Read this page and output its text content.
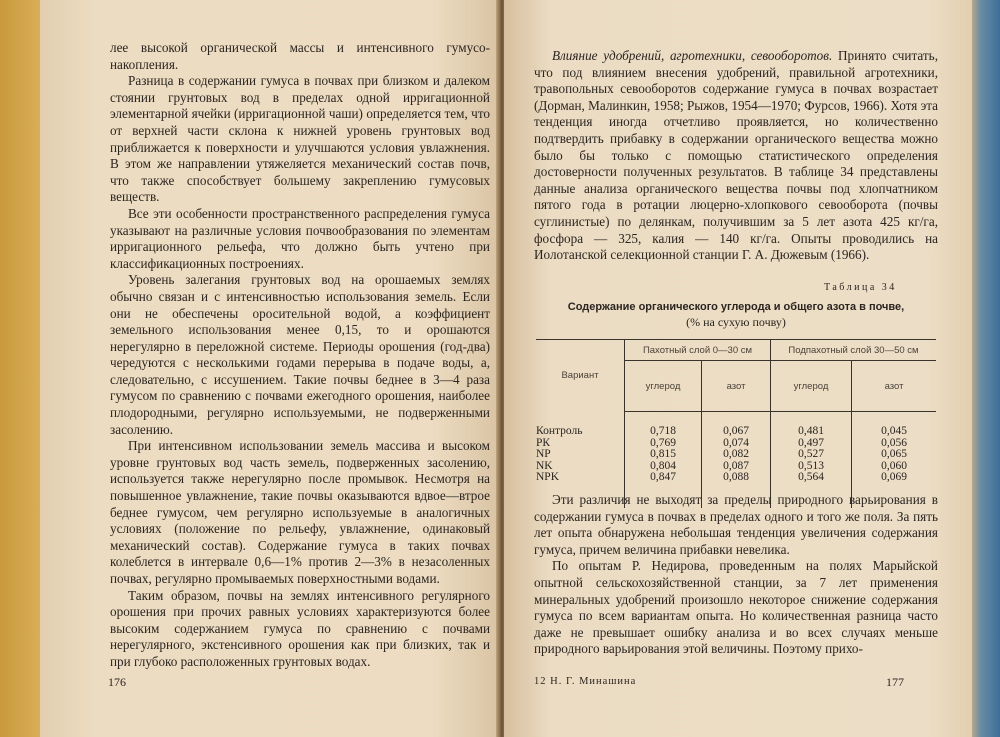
лее высокой органической массы и интенсивного гумусо-накопления.

Разница в содержании гумуса в почвах при близком и далеком стоянии грунтовых вод в пределах одной ирригационной элементарной ячейки (ирригационной чаши) определяется тем, что от верхней части склона к нижней уровень грунтовых вод приближается к поверхности и улучшаются условия увлажнения. В этом же направлении утяжеляется механический состав почв, что также способствует большему закреплению гумусовых веществ.

Все эти особенности пространственного распределения гумуса указывают на различные условия почвообразования по элементам ирригационного рельефа, что должно быть учтено при классификационных построениях.

Уровень залегания грунтовых вод на орошаемых землях обычно связан и с интенсивностью использования земель. Если они не обеспечены оросительной водой, а коэффициент земельного использования менее 0,15, то и орошаются нерегулярно в переложной системе. Периоды орошения (год-два) чередуются с несколькими годами перерыва в подаче воды, а, следовательно, с иссушением. Такие почвы беднее в 3—4 раза гумусом по сравнению с почвами ежегодного орошения, наиболее плодородными, регулярно используемыми, не подверженными засолению.

При интенсивном использовании земель массива и высоком уровне грунтовых вод часть земель, подверженных засолению, используется также нерегулярно после промывок. Несмотря на повышенное увлажнение, такие почвы оказываются вдвое—втрое беднее гумусом, чем регулярно используемые в аналогичных условиях (положение по рельефу, увлажнение, одинаковый механический состав). Содержание гумуса в таких почвах колеблется в интервале 0,6—1% против 2—3% в незасоленных почвах, регулярно промываемых поверхностными водами.

Таким образом, почвы на землях интенсивного регулярного орошения при прочих равных условиях характеризуются более высоким содержанием гумуса по сравнению с почвами нерегулярного, экстенсивного орошения как при близких, так и при глубоко расположенных грунтовых водах.

176

Влияние удобрений, агротехники, севооборотов. Принято считать, что под влиянием внесения удобрений, правильной агротехники, травопольных севооборотов содержание гумуса в почвах возрастает (Дорман, Малинкин, 1958; Рыжов, 1954—1970; Фурсов, 1966). Хотя эта тенденция иногда отчетливо проявляется, но количественно подтвердить прибавку в содержании органического вещества можно было бы только с помощью статистического определения достоверности полученных результатов. В таблице 34 представлены данные анализа органического вещества почвы под хлопчатником пятого года в ротации люцерно-хлопкового севооборота (почвы суглинистые) по делянкам, получившим за 5 лет азота 425 кг/га, фосфора — 325, калия — 140 кг/га. Опыты проводились на Иолотанской селекционной станции Г. А. Дюжевым (1966).

Таблица 34
Содержание органического углерода и общего азота в почве,
(% на сухую почву)
Вариант	Пахотный слой 0—30 см		Подпахотный слой 30—50 см	
	углерод	азот	углерод	азот
Контроль	0,718	0,067	0,481	0,045
РК	0,769	0,074	0,497	0,056
NP	0,815	0,082	0,527	0,065
NK	0,804	0,087	0,513	0,060
NPK	0,847	0,088	0,564	0,069

Эти различия не выходят за пределы природного варьирования в содержании гумуса в почвах в пределах одного и того же поля. За пять лет опыта обнаружена небольшая тенденция увеличения содержания гумуса, причем величина прибавки невелика.

По опытам Р. Недирова, проведенным на полях Марыйской опытной сельскохозяйственной станции, за 7 лет применения минеральных удобрений произошло некоторое снижение содержания гумуса по всем вариантам опыта. Но количественная разница часто даже не превышает ошибку анализа и во всех случаях меньше природного варьирования этой величины. Поэтому прихо-

12 Н. Г. Минашина	177
